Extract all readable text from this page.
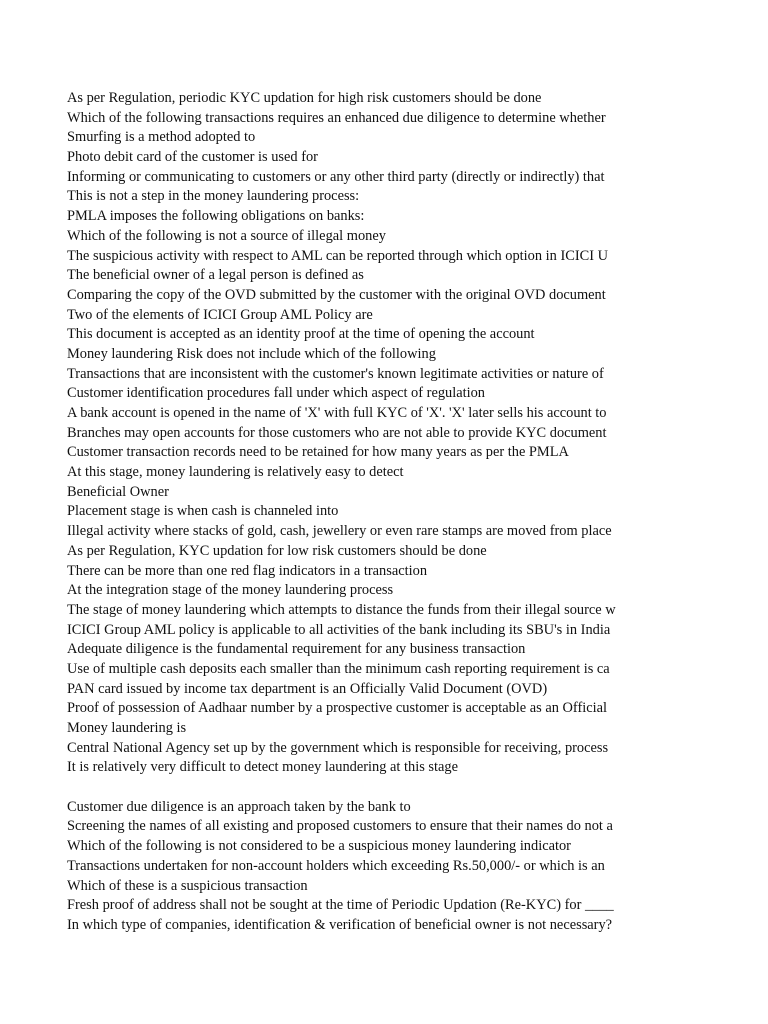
As per Regulation, periodic KYC updation for high risk customers should be done
Which of the following transactions requires an enhanced due diligence to determine whether
Smurfing is a method adopted to
Photo debit card of the customer is used for
Informing or communicating to customers or any other third party (directly or indirectly) that
This is not a step in the money laundering process:
PMLA imposes the following obligations on banks:
Which of the following is not a source of illegal money
The suspicious activity with respect to AML can be reported through which option in ICICI U
The beneficial owner of a legal person is defined as
Comparing the copy of the OVD submitted by the customer with the original OVD document
Two of the elements of ICICI Group AML Policy are
This document is accepted as an identity proof at the time of opening the account
Money laundering Risk does not include which of the following
Transactions that are inconsistent with the customer's known legitimate activities or nature of
Customer identification procedures fall under which aspect of regulation
A bank account is opened in the name of 'X' with full KYC of 'X'. 'X' later sells his account to
Branches may open accounts for those customers who are not able to provide KYC document
Customer transaction records need to be retained for how many years as per the PMLA
At this stage, money laundering is relatively easy to detect
Beneficial Owner
Placement stage is when cash is channeled into
Illegal activity where stacks of gold, cash, jewellery or even rare stamps are moved from place
As per Regulation, KYC updation for low risk customers should be done
There can be more than one red flag indicators in a transaction
At the integration stage of the money laundering process
The stage of money laundering which attempts to distance the funds from their illegal source w
ICICI Group AML policy is applicable to all activities of the bank including its SBU's in India
Adequate diligence is the fundamental requirement for any business transaction
Use of multiple cash deposits each smaller than the minimum cash reporting requirement is ca
PAN card issued by income tax department is an Officially Valid Document (OVD)
Proof of possession of Aadhaar number by a prospective customer is acceptable as an Official
Money laundering is
Central National Agency set up by the government which is responsible for receiving, process
It is relatively very difficult to detect money laundering at this stage
Customer due diligence is an approach taken by the bank to
Screening the names of all existing and proposed customers to ensure that their names do not a
Which of the following is not considered to be a suspicious money laundering indicator
Transactions undertaken for non-account holders which exceeding Rs.50,000/- or which is an
Which of these is a suspicious transaction
Fresh proof of address shall not be sought at the time of Periodic Updation (Re-KYC) for ____
In which type of companies, identification & verification of beneficial owner is not necessary?
